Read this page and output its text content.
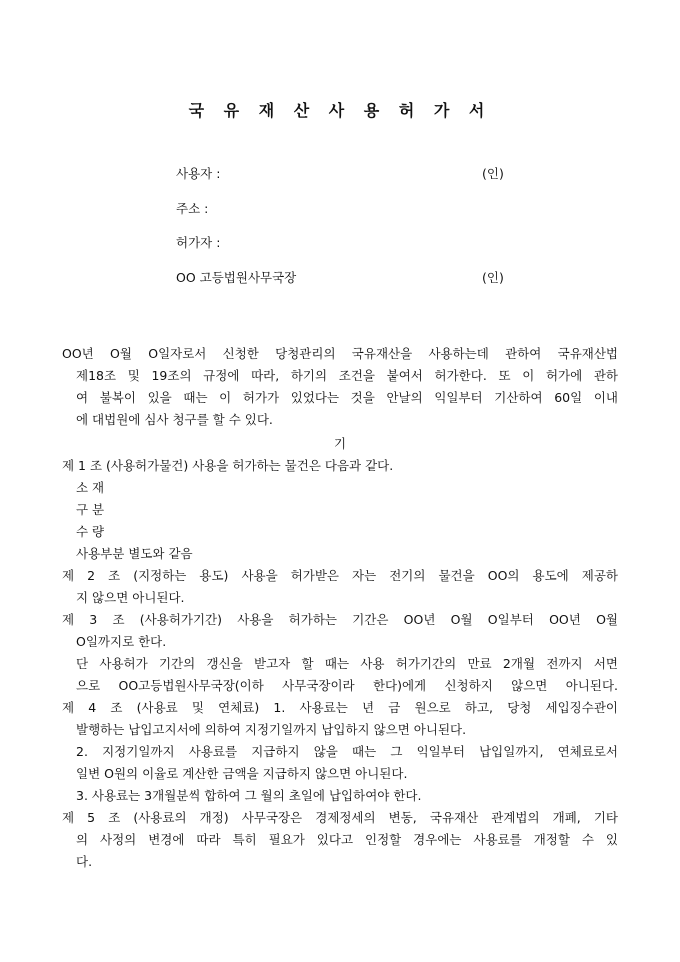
국 유 재 산 사 용 허 가 서
사용자 :	(인)
주소 :
허가자 :
OO 고등법원사무국장	(인)
OO년 O월 O일자로서 신청한 당청관리의 국유재산을 사용하는데 관하여 국유재산법
제18조 및 19조의 규정에 따라, 하기의 조건을 붙여서 허가한다. 또 이 허가에 관하
여 불복이 있을 때는 이 허가가 있었다는 것을 안날의 익일부터 기산하여 60일 이내
에 대법원에 심사 청구를 할 수 있다.
기
제 1 조 (사용허가물건) 사용을 허가하는 물건은 다음과 같다.
소 재
구 분
수 량
사용부분 별도와 같음
제 2 조 (지정하는 용도) 사용을 허가받은 자는 전기의 물건을 OO의 용도에 제공하
지 않으면 아니된다.
제 3 조 (사용허가기간) 사용을 허가하는 기간은 OO년 O월 O일부터 OO년 O월
O일까지로 한다.
단 사용허가 기간의 갱신을 받고자 할 때는 사용 허가기간의 만료 2개월 전까지 서면
으로 OO고등법원사무국장(이하 사무국장이라 한다)에게 신청하지 않으면 아니된다.
제 4 조 (사용료 및 연체료) 1. 사용료는 년 금 원으로 하고, 당청 세입징수관이
발행하는 납입고지서에 의하여 지정기일까지 납입하지 않으면 아니된다.
2. 지정기일까지 사용료를 지급하지 않을 때는 그 익일부터 납입일까지, 연체료로서
일변 O원의 이율로 계산한 금액을 지급하지 않으면 아니된다.
3. 사용료는 3개월분씩 합하여 그 월의 초일에 납입하여야 한다.
제 5 조 (사용료의 개정) 사무국장은 경제정세의 변동, 국유재산 관계법의 개폐, 기타
의 사정의 변경에 따라 특히 필요가 있다고 인정할 경우에는 사용료를 개정할 수 있
다.
